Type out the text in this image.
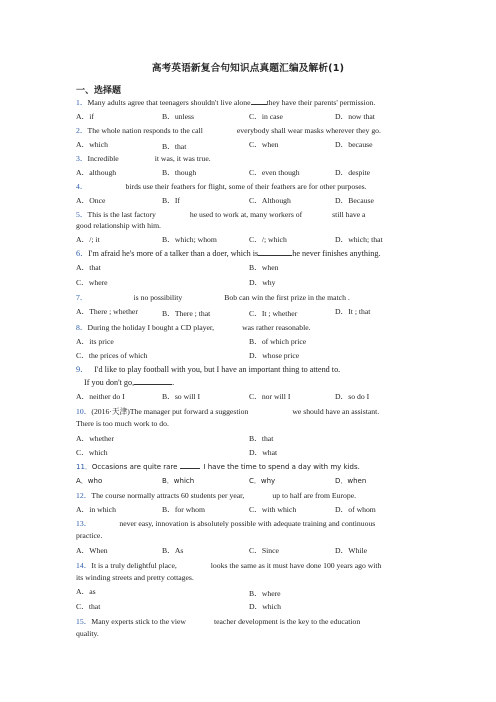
高考英语新复合句知识点真题汇编及解析(1)
一、选择题
1．Many adults agree that teenagers shouldn't live alone they have their parents' permission.
A．if	B．unless	C．in case	D．now that
2．The whole nation responds to the call	everybody shall wear masks wherever they go.
A．which	B．that	C．when	D．because
3．Incredible	it was, it was true.
A．although	B．though	C．even though	D．despite
4．	birds use their feathers for flight, some of their feathers are for other purposes.
A．Once	B．If	C．Although	D．Because
5．This is the last factory	he used to work at, many workers of	still have a
good relationship with him.
A．/; it	B．which; whom	C．/; which	D．which; that
6．I'm afraid he's more of a talker than a doer, which is	he never finishes anything.
A．that	B．when
C．where	D．why
7．	is no possibility	Bob can win the first prize in the match .
A．There ; whether	B．There ; that	C．It ; whether	D．It ; that
8．During the holiday I bought a CD player,	was rather reasonable.
A．its price	B．of which price
C．the prices of which	D．whose price
9． I'd like to play football with you, but I have an important thing to attend to.
If you don't go,	.
A．neither do I	B．so will I	C．nor will I	D．so do I
10．(2016·天津)The manager put forward a suggestion	we should have an assistant.
There is too much work to do.
A．whether	B．that
C．which	D．what
11．Occasions are quite rare	I have the time to spend a day with my kids.
A．who	B．which	C．why	D．when
12．The course normally attracts 60 students per year,	up to half are from Europe.
A．in which	B．for whom	C．with which	D．of whom
13．	never easy, innovation is absolutely possible with adequate training and continuous
practice.
A．When	B．As	C．Since	D．While
14．It is a truly delightful place,	looks the same as it must have done 100 years ago with
its winding streets and pretty cottages.
A．as	B．where
C．that	D．which
15．Many experts stick to the view	teacher development is the key to the education
quality.
